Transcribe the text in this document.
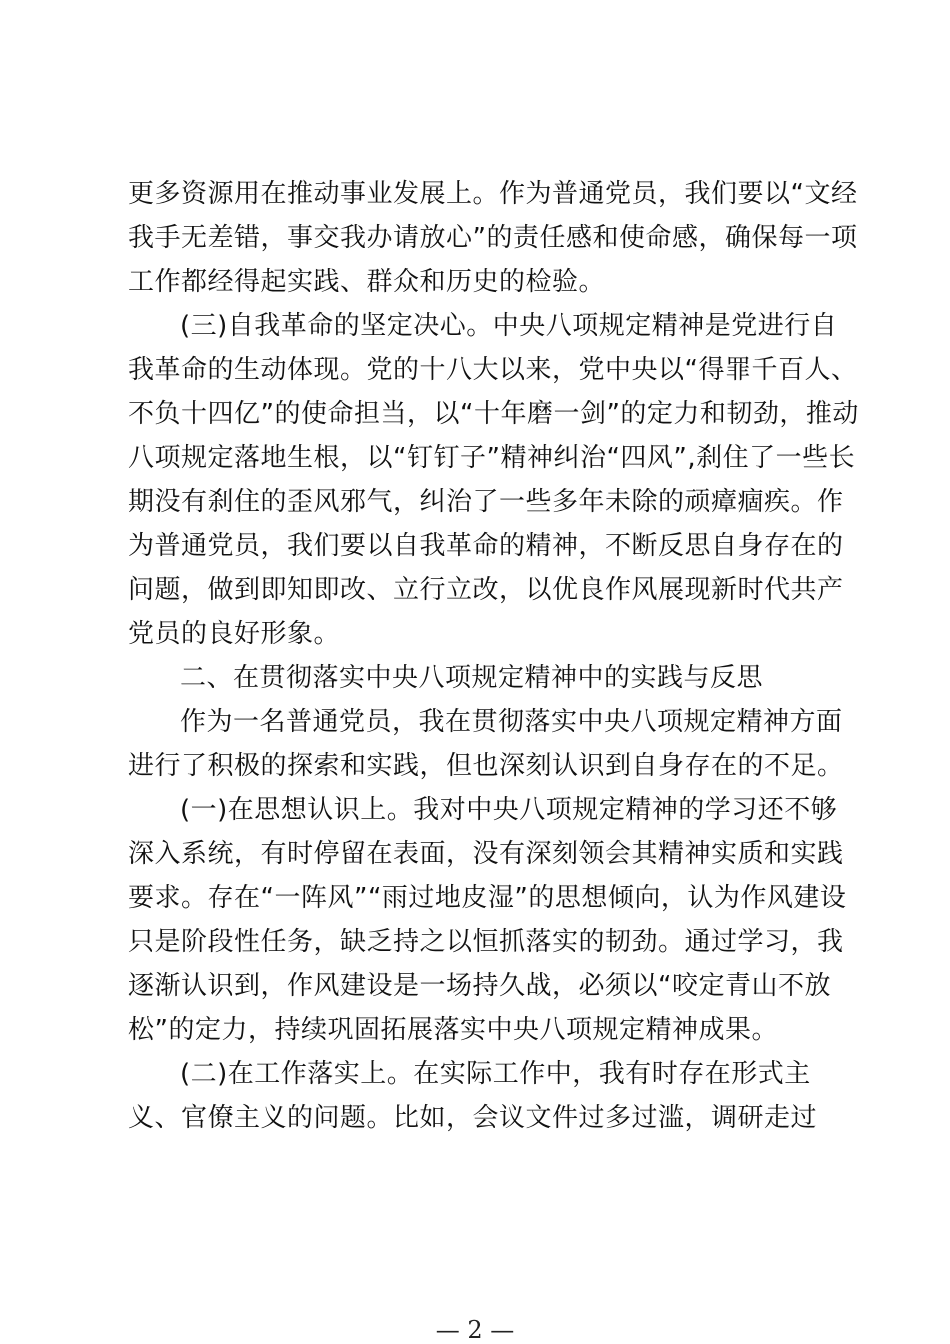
更多资源用在推动事业发展上。作为普通党员，我们要以“文经
我手无差错，事交我办请放心”的责任感和使命感，确保每一项
工作都经得起实践、群众和历史的检验。
(三)自我革命的坚定决心。中央八项规定精神是党进行自
我革命的生动体现。党的十八大以来，党中央以“得罪千百人、
不负十四亿”的使命担当，以“十年磨一剑”的定力和韧劲，推动
八项规定落地生根，以“钉钉子”精神纠治“四风”,刹住了一些长
期没有刹住的歪风邪气，纠治了一些多年未除的顽瘴痼疾。作
为普通党员，我们要以自我革命的精神，不断反思自身存在的
问题，做到即知即改、立行立改，以优良作风展现新时代共产
党员的良好形象。
二、在贯彻落实中央八项规定精神中的实践与反思
作为一名普通党员，我在贯彻落实中央八项规定精神方面
进行了积极的探索和实践，但也深刻认识到自身存在的不足。
(一)在思想认识上。我对中央八项规定精神的学习还不够
深入系统，有时停留在表面，没有深刻领会其精神实质和实践
要求。存在“一阵风”“雨过地皮湿”的思想倾向，认为作风建设
只是阶段性任务，缺乏持之以恒抓落实的韧劲。通过学习，我
逐渐认识到，作风建设是一场持久战，必须以“咬定青山不放
松”的定力，持续巩固拓展落实中央八项规定精神成果。
(二)在工作落实上。在实际工作中，我有时存在形式主
义、官僚主义的问题。比如，会议文件过多过滥，调研走过
— 2 —
